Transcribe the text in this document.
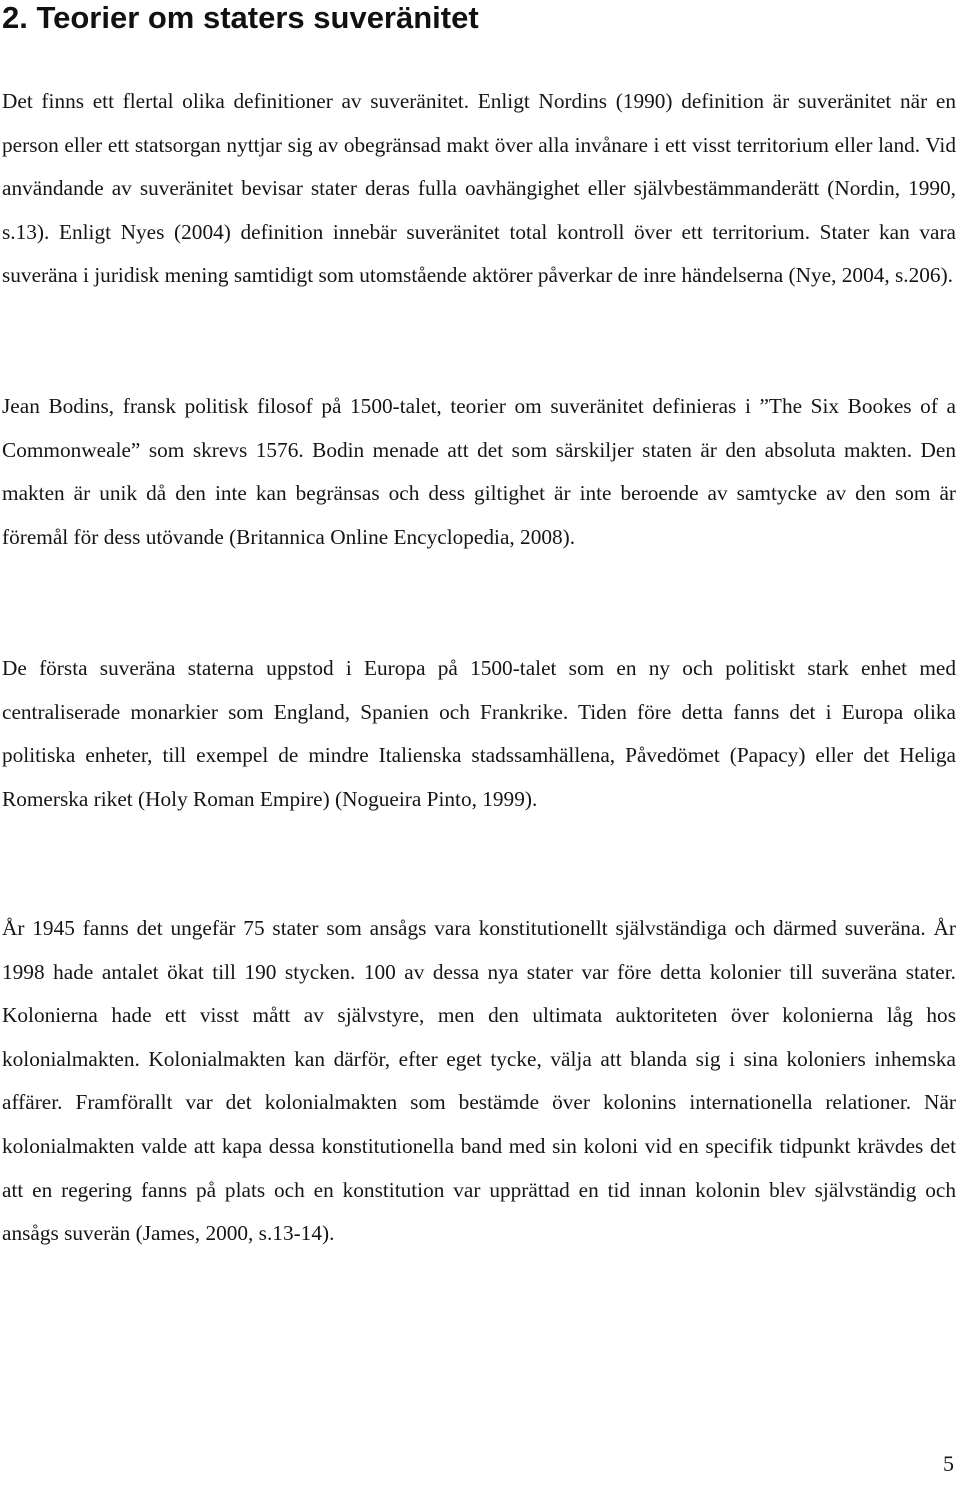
2. Teorier om staters suveränitet

Det finns ett flertal olika definitioner av suveränitet. Enligt Nordins (1990) definition är suveränitet när en person eller ett statsorgan nyttjar sig av obegränsad makt över alla invånare i ett visst territorium eller land. Vid användande av suveränitet bevisar stater deras fulla oavhängighet eller självbestämmanderätt (Nordin, 1990, s.13). Enligt Nyes (2004) definition innebär suveränitet total kontroll över ett territorium. Stater kan vara suveräna i juridisk mening samtidigt som utomstående aktörer påverkar de inre händelserna (Nye, 2004, s.206).

Jean Bodins, fransk politisk filosof på 1500-talet, teorier om suveränitet definieras i ”The Six Bookes of a Commonweale” som skrevs 1576. Bodin menade att det som särskiljer staten är den absoluta makten. Den makten är unik då den inte kan begränsas och dess giltighet är inte beroende av samtycke av den som är föremål för dess utövande (Britannica Online Encyclopedia, 2008).

De första suveräna staterna uppstod i Europa på 1500-talet som en ny och politiskt stark enhet med centraliserade monarkier som England, Spanien och Frankrike. Tiden före detta fanns det i Europa olika politiska enheter, till exempel de mindre Italienska stadssamhällena, Påvedömet (Papacy) eller det Heliga Romerska riket (Holy Roman Empire) (Nogueira Pinto, 1999).

År 1945 fanns det ungefär 75 stater som ansågs vara konstitutionellt självständiga och därmed suveräna. År 1998 hade antalet ökat till 190 stycken. 100 av dessa nya stater var före detta kolonier till suveräna stater. Kolonierna hade ett visst mått av självstyre, men den ultimata auktoriteten över kolonierna låg hos kolonialmakten. Kolonialmakten kan därför, efter eget tycke, välja att blanda sig i sina koloniers inhemska affärer. Framförallt var det kolonialmakten som bestämde över kolonins internationella relationer. När kolonialmakten valde att kapa dessa konstitutionella band med sin koloni vid en specifik tidpunkt krävdes det att en regering fanns på plats och en konstitution var upprättad en tid innan kolonin blev självständig och ansågs suverän (James, 2000, s.13-14).

5
